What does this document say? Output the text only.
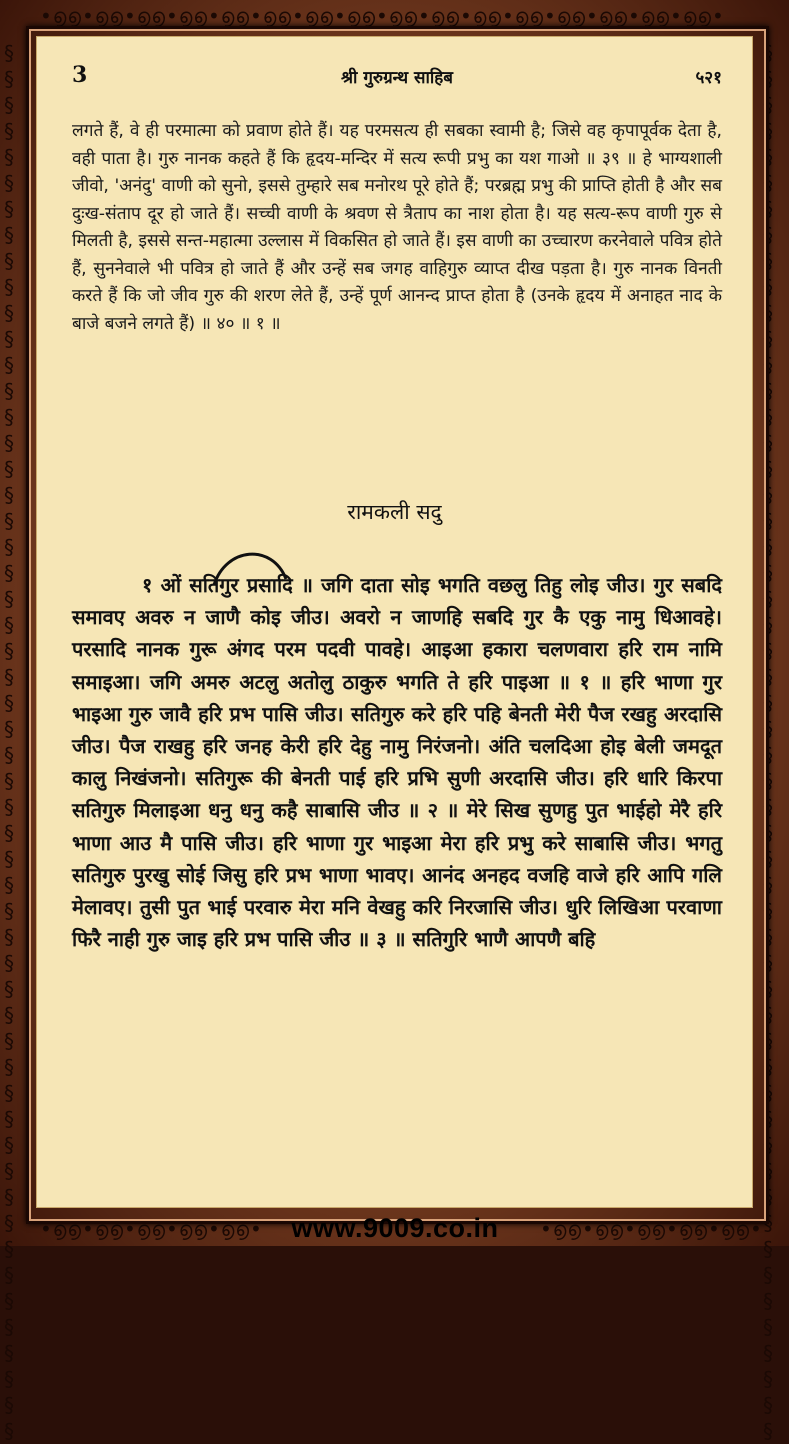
•൭൭•൭൭•൭൭•൭൭•൭൭•൭൭•൭൭•൭൭•൭൭•൭൭•൭൭•൭൭•൭൭•൭൭•൭൭•൭൭•
§ § § § § § § § § § § § § § § § § § § § § § § § § § § § § § § § § § § § § § § § § § § § § § § § § § § § § §
§ § § § § § § § § § § § § § § § § § § § § § § § § § § § § § § § § § § § § § § § § § § § § § § § § § § § § §
•൭൭•൭൭•൭൭•൭൭•൭൭•	•൭൭•൭൭•൭൭•൭൭•൭൭•
www.9009.co.in
3	श्री गुरुग्रन्थ साहिब	५२१
लगते हैं, वे ही परमात्मा को प्रवाण होते हैं। यह परमसत्य ही सबका स्वामी है; जिसे वह कृपापूर्वक देता है, वही पाता है। गुरु नानक कहते हैं कि हृदय-मन्दिर में सत्य रूपी प्रभु का यश गाओ ॥ ३९ ॥ हे भाग्यशाली जीवो, 'अनंदु' वाणी को सुनो, इससे तुम्हारे सब मनोरथ पूरे होते हैं; परब्रह्म प्रभु की प्राप्ति होती है और सब दुःख-संताप दूर हो जाते हैं। सच्ची वाणी के श्रवण से त्रैताप का नाश होता है। यह सत्य-रूप वाणी गुरु से मिलती है, इससे सन्त-महात्मा उल्लास में विकसित हो जाते हैं। इस वाणी का उच्चारण करनेवाले पवित्र होते हैं, सुननेवाले भी पवित्र हो जाते हैं और उन्हें सब जगह वाहिगुरु व्याप्त दीख पड़ता है। गुरु नानक विनती करते हैं कि जो जीव गुरु की शरण लेते हैं, उन्हें पूर्ण आनन्द प्राप्त होता है (उनके हृदय में अनाहत नाद के बाजे बजने लगते हैं) ॥ ४० ॥ १ ॥
रामकली सदु
१ ओं सतिगुर प्रसादि ॥ जगि दाता सोइ भगति वछलु तिहु लोइ जीउ। गुर सबदि समावए अवरु न जाणै कोइ जीउ। अवरो न जाणहि सबदि गुर कै एकु नामु धिआवहे। परसादि नानक गुरू अंगद परम पदवी पावहे। आइआ हकारा चलणवारा हरि राम नामि समाइआ। जगि अमरु अटलु अतोलु ठाकुरु भगति ते हरि पाइआ ॥ १ ॥ हरि भाणा गुर भाइआ गुरु जावै हरि प्रभ पासि जीउ। सतिगुरु करे हरि पहि बेनती मेरी पैज रखहु अरदासि जीउ। पैज राखहु हरि जनह केरी हरि देहु नामु निरंजनो। अंति चलदिआ होइ बेली जमदूत कालु निखंजनो। सतिगुरू की बेनती पाई हरि प्रभि सुणी अरदासि जीउ। हरि धारि किरपा सतिगुरु मिलाइआ धनु धनु कहै साबासि जीउ ॥ २ ॥ मेरे सिख सुणहु पुत भाईहो मेरै हरि भाणा आउ मै पासि जीउ। हरि भाणा गुर भाइआ मेरा हरि प्रभु करे साबासि जीउ। भगतु सतिगुरु पुरखु सोई जिसु हरि प्रभ भाणा भावए। आनंद अनहद वजहि वाजे हरि आपि गलि मेलावए। तुसी पुत भाई परवारु मेरा मनि वेखहु करि निरजासि जीउ। धुरि लिखिआ परवाणा फिरै नाही गुरु जाइ हरि प्रभ पासि जीउ ॥ ३ ॥ सतिगुरि भाणै आपणै बहि
